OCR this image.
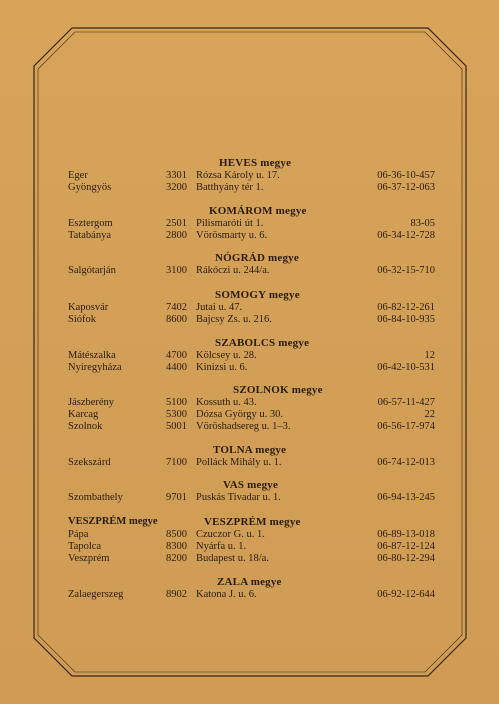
HEVES megye
Eger	3301 Rózsa Károly u. 17.	06-36-10-457
Gyöngyös	3200 Batthyány tér 1.	06-37-12-063
KOMÁROM megye
Esztergom	2501 Pilismaróti út 1.	83-05
Tatabánya	2800 Vörösmarty u. 6.	06-34-12-728
NÓGRÁD megye
Salgótarján	3100 Rákóczi u. 244/a.	06-32-15-710
SOMOGY megye
Kaposvár	7402 Jutai u. 47.	06-82-12-261
Siófok	8600 Bajcsy Zs. u. 216.	06-84-10-935
SZABOLCS megye
Mátészalka	4700 Kölcsey u. 28.	12
Nyíregyháza	4400 Kinizsi u. 6.	06-42-10-531
SZOLNOK megye
Jászberény	5100 Kossuth u. 43.	06-57-11-427
Karcag	5300 Dózsa György u. 30.	22
Szolnok	5001 Vöröshadsereg u. 1–3.	06-56-17-974
TOLNA megye
Szekszárd	7100 Polláck Mihály u. 1.	06-74-12-013
VAS megye
Szombathely	9701 Puskás Tivadar u. 1.	06-94-13-245
VESZPRÉM megye	VESZPRÉM megye
Pápa	8500 Czuczor G. u. 1.	06-89-13-018
Tapolca	8300 Nyárfa u. 1.	06-87-12-124
Veszprém	8200 Budapest u. 18/a.	06-80-12-294
ZALA megye
Zalaegerszeg	8902 Katona J. u. 6.	06-92-12-644
